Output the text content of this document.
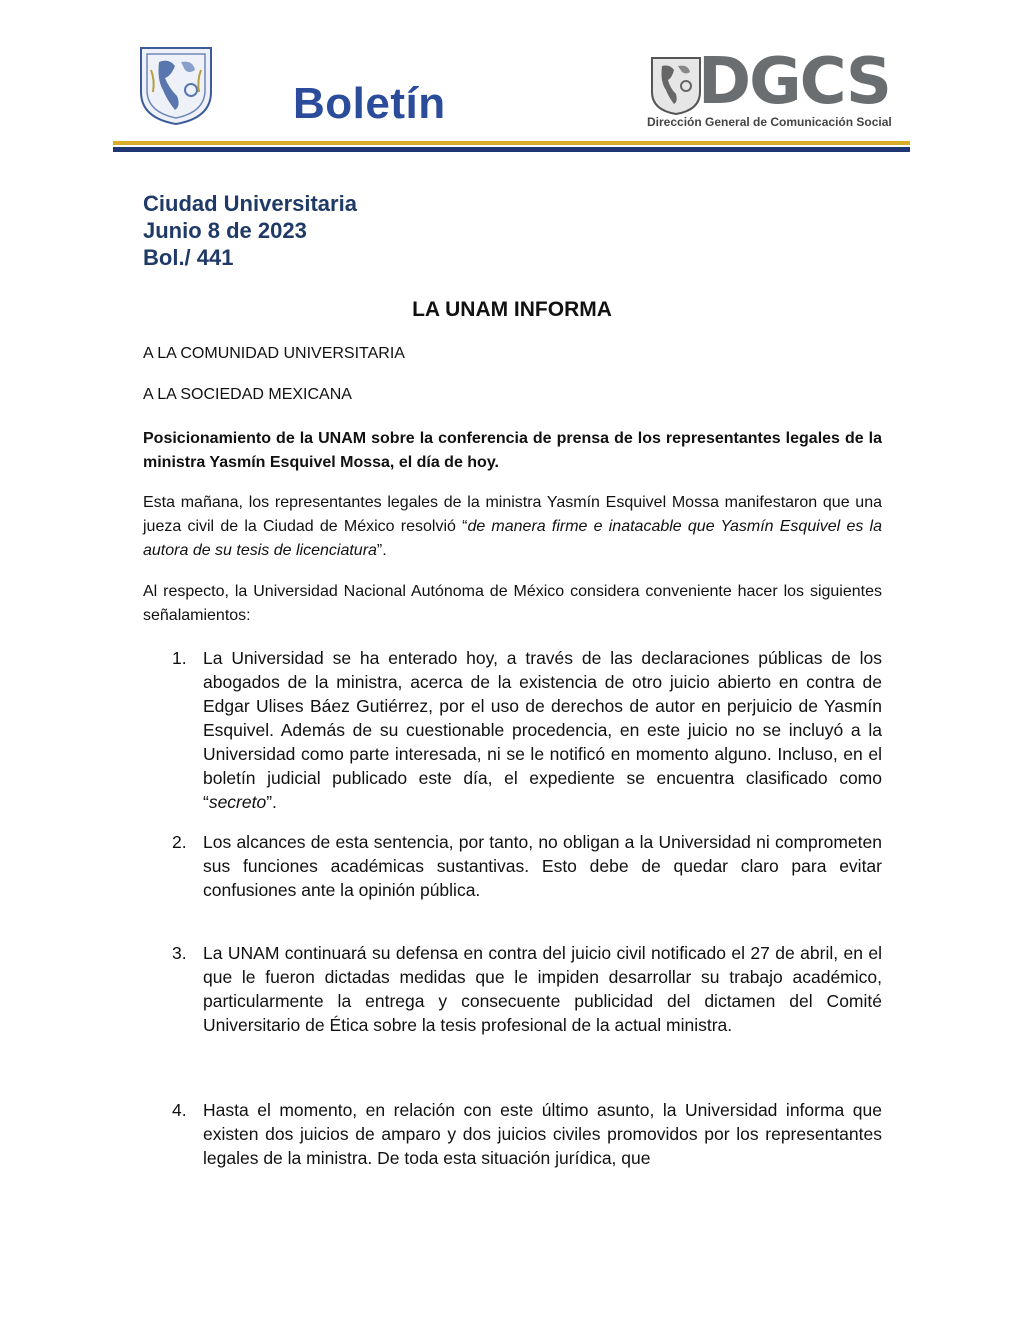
Boletín	DGCS
Dirección General de Comunicación Social
Ciudad Universitaria
Junio 8 de 2023
Bol./ 441
LA UNAM INFORMA
A LA COMUNIDAD UNIVERSITARIA
A LA SOCIEDAD MEXICANA
Posicionamiento de la UNAM sobre la conferencia de prensa de los representantes legales de la ministra Yasmín Esquivel Mossa, el día de hoy.
Esta mañana, los representantes legales de la ministra Yasmín Esquivel Mossa manifestaron que una jueza civil de la Ciudad de México resolvió “de manera firme e inatacable que Yasmín Esquivel es la autora de su tesis de licenciatura”.
Al respecto, la Universidad Nacional Autónoma de México considera conveniente hacer los siguientes señalamientos:
1. La Universidad se ha enterado hoy, a través de las declaraciones públicas de los abogados de la ministra, acerca de la existencia de otro juicio abierto en contra de Edgar Ulises Báez Gutiérrez, por el uso de derechos de autor en perjuicio de Yasmín Esquivel. Además de su cuestionable procedencia, en este juicio no se incluyó a la Universidad como parte interesada, ni se le notificó en momento alguno. Incluso, en el boletín judicial publicado este día, el expediente se encuentra clasificado como “secreto”.
2. Los alcances de esta sentencia, por tanto, no obligan a la Universidad ni comprometen sus funciones académicas sustantivas. Esto debe de quedar claro para evitar confusiones ante la opinión pública.
3. La UNAM continuará su defensa en contra del juicio civil notificado el 27 de abril, en el que le fueron dictadas medidas que le impiden desarrollar su trabajo académico, particularmente la entrega y consecuente publicidad del dictamen del Comité Universitario de Ética sobre la tesis profesional de la actual ministra.
4. Hasta el momento, en relación con este último asunto, la Universidad informa que existen dos juicios de amparo y dos juicios civiles promovidos por los representantes legales de la ministra. De toda esta situación jurídica, que
